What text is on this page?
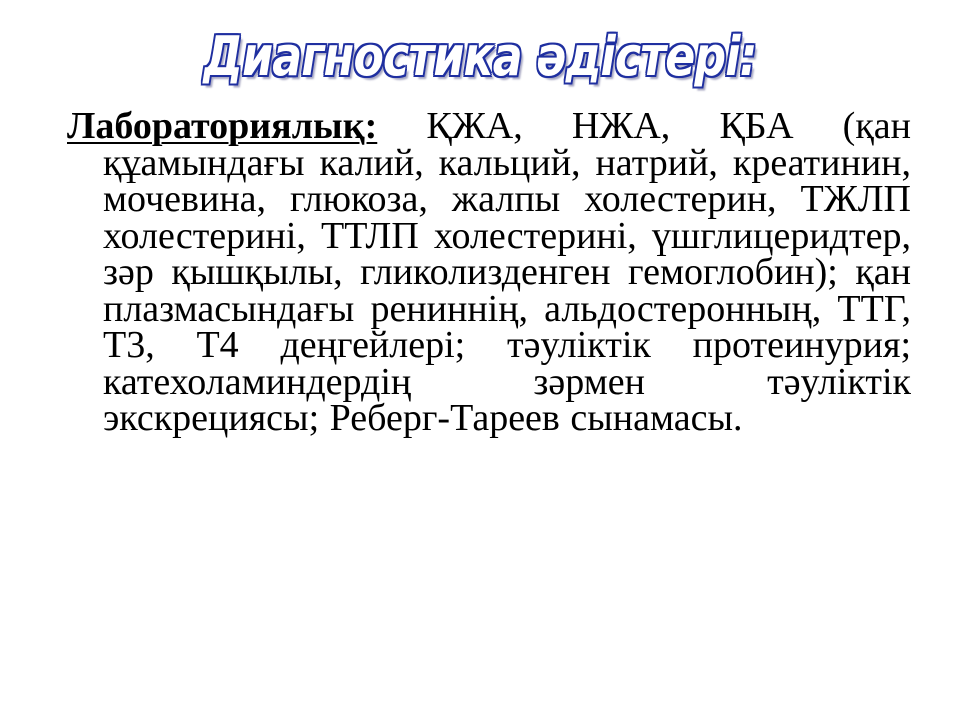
Диагностика әдістері:
Лабораториялық: ҚЖА, НЖА, ҚБА (қан құамындағы калий, кальций, натрий, креатинин, мочевина, глюкоза, жалпы холестерин, ТЖЛП холестерині, ТТЛП холестерині, үшглицеридтер, зәр қышқылы, гликолизденген гемоглобин); қан плазмасындағы рениннің, альдостеронның, ТТГ, Т3, Т4 деңгейлері; тәуліктік протеинурия; катехоламиндердің зәрмен тәуліктік экскрециясы; Реберг-Тареев сынамасы.
